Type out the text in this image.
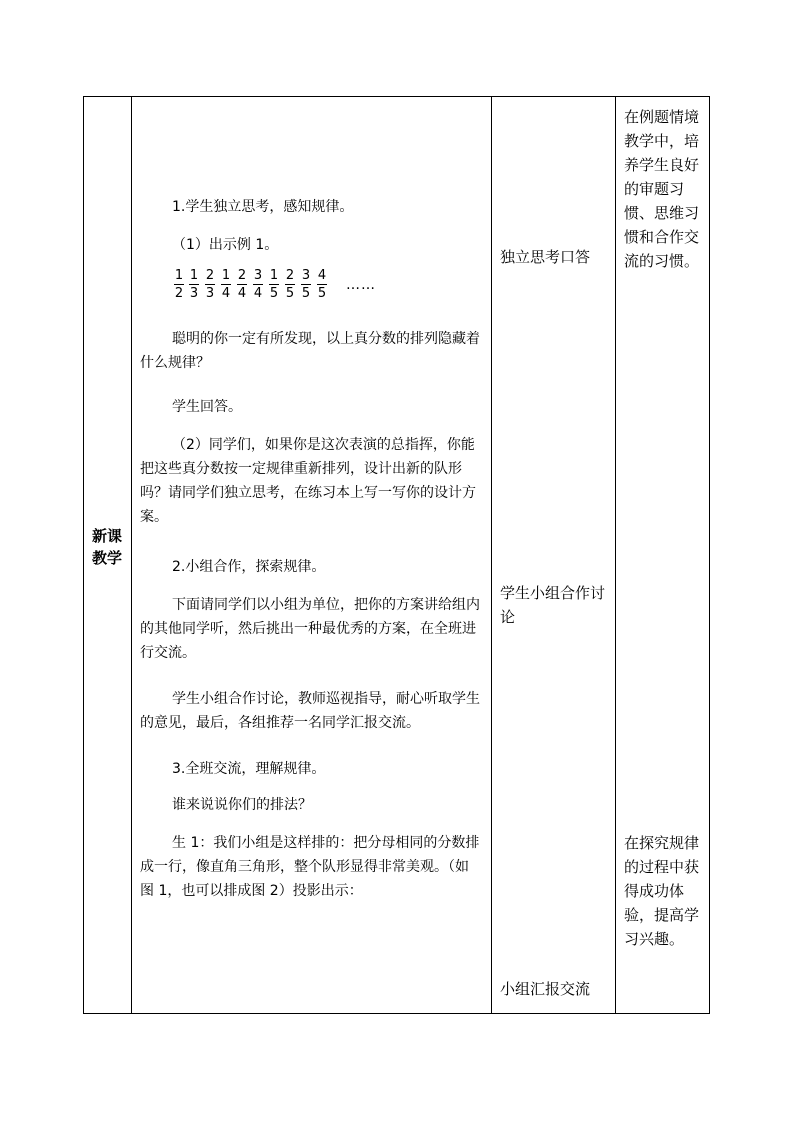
新课教学

1.学生独立思考，感知规律。

（1）出示例 1。

1
2
1
3
2
3
1
4
2
4
3
4
1
5
2
5
3
5
4
5
……

聪明的你一定有所发现，以上真分数的排列隐藏着什么规律？

学生回答。

（2）同学们，如果你是这次表演的总指挥，你能把这些真分数按一定规律重新排列，设计出新的队形吗？请同学们独立思考，在练习本上写一写你的设计方案。

2.小组合作，探索规律。

下面请同学们以小组为单位，把你的方案讲给组内的其他同学听，然后挑出一种最优秀的方案，在全班进行交流。

学生小组合作讨论，教师巡视指导，耐心听取学生的意见，最后，各组推荐一名同学汇报交流。

3.全班交流，理解规律。

谁来说说你们的排法？

生 1：我们小组是这样排的：把分母相同的分数排成一行，像直角三角形，整个队形显得非常美观。（如图 1，也可以排成图 2）投影出示：

独立思考口答
学生小组合作讨论
小组汇报交流
在例题情境教学中，培养学生良好的审题习惯、思维习惯和合作交流的习惯。
在探究规律的过程中获得成功体验，提高学习兴趣。
